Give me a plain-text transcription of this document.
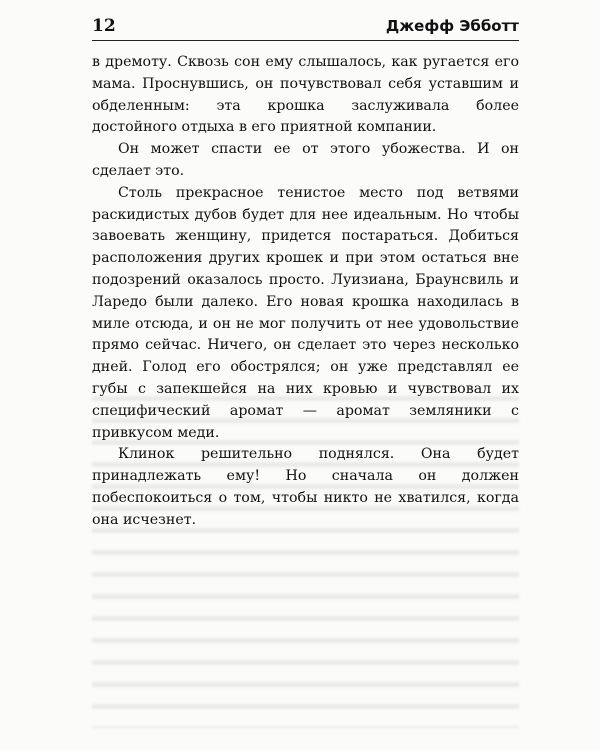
12	Джефф Эбботт

в дремоту. Сквозь сон ему слышалось, как ругается его мама. Проснувшись, он почувствовал себя уставшим и обделенным: эта крошка заслуживала более достойного отдыха в его приятной компании.

Он может спасти ее от этого убожества. И он сделает это.

Столь прекрасное тенистое место под ветвями раскидистых дубов будет для нее идеальным. Но чтобы завоевать женщину, придется постараться. Добиться расположения других крошек и при этом остаться вне подозрений оказалось просто. Луизиана, Браунсвиль и Ларедо были далеко. Его новая крошка находилась в миле отсюда, и он не мог получить от нее удовольствие прямо сейчас. Ничего, он сделает это через несколько дней. Голод его обострялся; он уже представлял ее губы с запекшейся на них кровью и чувствовал их специфический аромат — аромат земляники с привкусом меди.

Клинок решительно поднялся. Она будет принадлежать ему! Но сначала он должен побеспокоиться о том, чтобы никто не хватился, когда она исчезнет.
